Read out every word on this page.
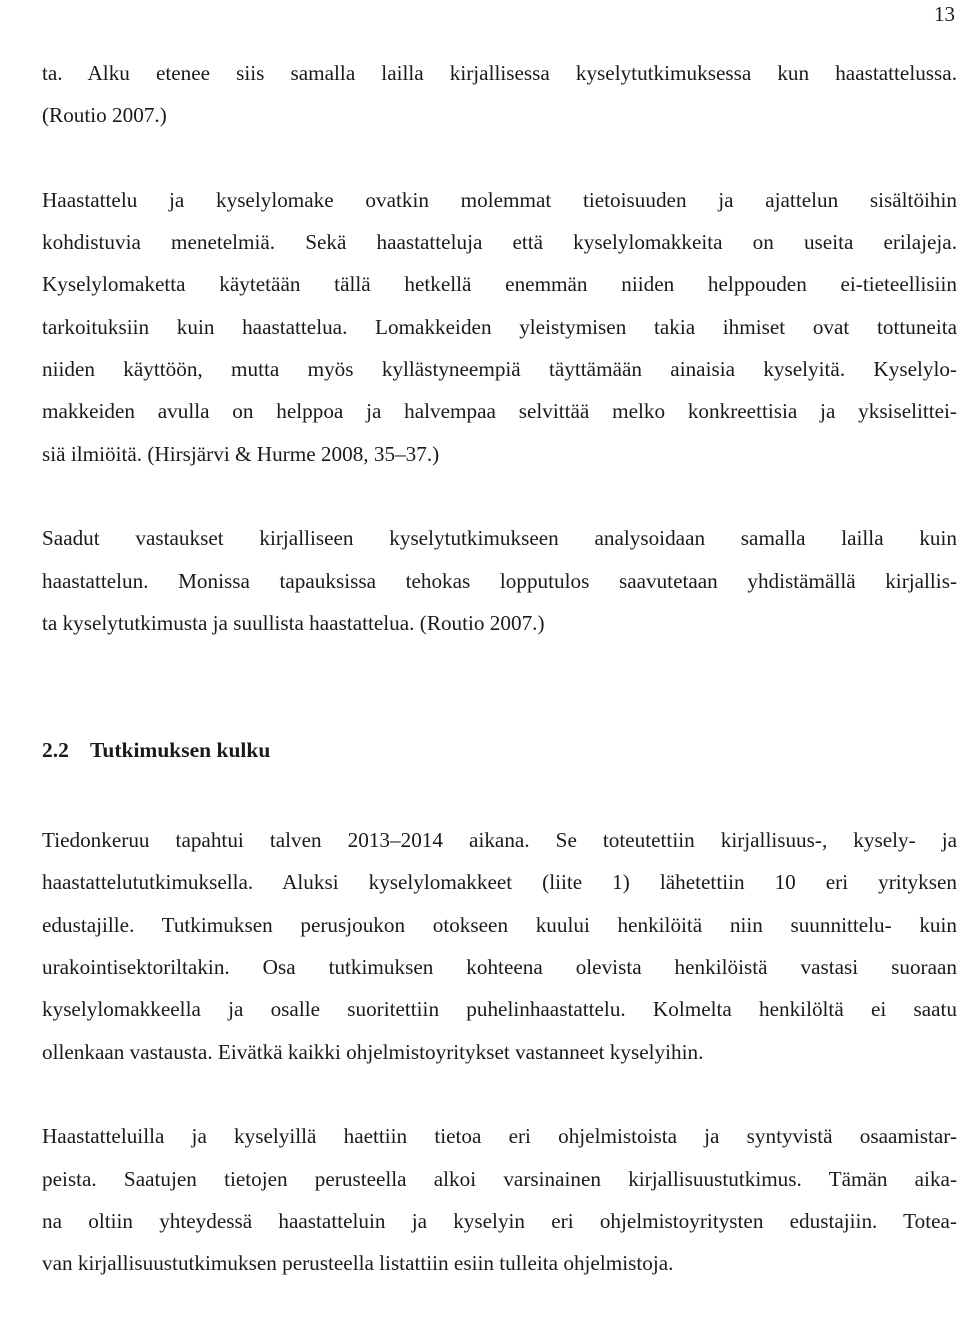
13

ta. Alku etenee siis samalla lailla kirjallisessa kyselytutkimuksessa kun haastattelussa.
(Routio 2007.)

Haastattelu ja kyselylomake ovatkin molemmat tietoisuuden ja ajattelun sisältöihin
kohdistuvia menetelmiä. Sekä haastatteluja että kyselylomakkeita on useita erilajeja.
Kyselylomaketta käytetään tällä hetkellä enemmän niiden helppouden ei-tieteellisiin
tarkoituksiin kuin haastattelua. Lomakkeiden yleistymisen takia ihmiset ovat tottuneita
niiden käyttöön, mutta myös kyllästyneempiä täyttämään ainaisia kyselyitä. Kyselylo-
makkeiden avulla on helppoa ja halvempaa selvittää melko konkreettisia ja yksiselittei-
siä ilmiöitä. (Hirsjärvi & Hurme 2008, 35–37.)

Saadut vastaukset kirjalliseen kyselytutkimukseen analysoidaan samalla lailla kuin
haastattelun. Monissa tapauksissa tehokas lopputulos saavutetaan yhdistämällä kirjallis-
ta kyselytutkimusta ja suullista haastattelua. (Routio 2007.)

2.2 Tutkimuksen kulku

Tiedonkeruu tapahtui talven 2013–2014 aikana. Se toteutettiin kirjallisuus-, kysely- ja
haastattelututkimuksella. Aluksi kyselylomakkeet (liite 1) lähetettiin 10 eri yrityksen
edustajille. Tutkimuksen perusjoukon otokseen kuului henkilöitä niin suunnittelu- kuin
urakointisektoriltakin. Osa tutkimuksen kohteena olevista henkilöistä vastasi suoraan
kyselylomakkeella ja osalle suoritettiin puhelinhaastattelu. Kolmelta henkilöltä ei saatu
ollenkaan vastausta. Eivätkä kaikki ohjelmistoyritykset vastanneet kyselyihin.

Haastatteluilla ja kyselyillä haettiin tietoa eri ohjelmistoista ja syntyvistä osaamistar-
peista. Saatujen tietojen perusteella alkoi varsinainen kirjallisuustutkimus. Tämän aika-
na oltiin yhteydessä haastatteluin ja kyselyin eri ohjelmistoyritysten edustajiin. Toteа-
van kirjallisuustutkimuksen perusteella listattiin esiin tulleita ohjelmistoja.
